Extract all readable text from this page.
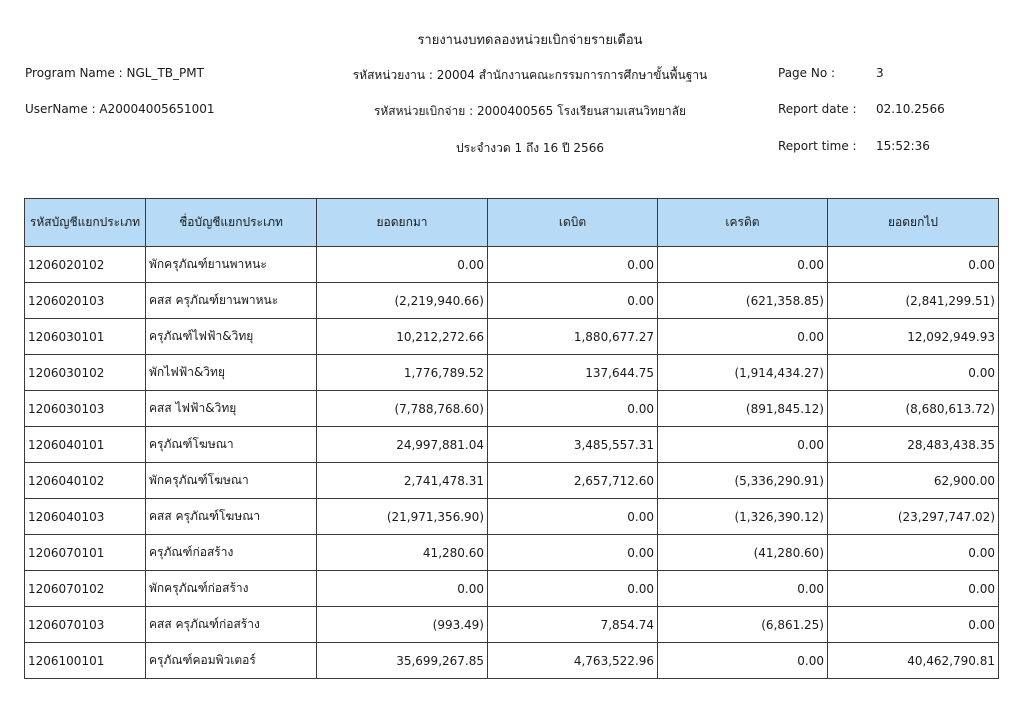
รายงานงบทดลองหน่วยเบิกจ่ายรายเดือน
Program Name : NGL_TB_PMT	รหัสหน่วยงาน : 20004 สำนักงานคณะกรรมการการศึกษาขั้นพื้นฐาน	Page No :	3
UserName : A20004005651001	รหัสหน่วยเบิกจ่าย : 2000400565 โรงเรียนสามเสนวิทยาลัย	Report date : 02.10.2566
ประจำงวด 1 ถึง 16 ปี 2566	Report time : 15:52:36
รหัสบัญชีแยกประเภท	ชื่อบัญชีแยกประเภท	ยอดยกมา	เดบิต	เครดิต	ยอดยกไป
1206020102	พักครุภัณฑ์ยานพาหนะ	0.00	0.00	0.00	0.00
1206020103	คสส ครุภัณฑ์ยานพาหนะ	(2,219,940.66)	0.00	(621,358.85)	(2,841,299.51)
1206030101	ครุภัณฑ์ไฟฟ้า&วิทยุ	10,212,272.66	1,880,677.27	0.00	12,092,949.93
1206030102	พักไฟฟ้า&วิทยุ	1,776,789.52	137,644.75	(1,914,434.27)	0.00
1206030103	คสส ไฟฟ้า&วิทยุ	(7,788,768.60)	0.00	(891,845.12)	(8,680,613.72)
1206040101	ครุภัณฑ์โฆษณา	24,997,881.04	3,485,557.31	0.00	28,483,438.35
1206040102	พักครุภัณฑ์โฆษณา	2,741,478.31	2,657,712.60	(5,336,290.91)	62,900.00
1206040103	คสส ครุภัณฑ์โฆษณา	(21,971,356.90)	0.00	(1,326,390.12)	(23,297,747.02)
1206070101	ครุภัณฑ์ก่อสร้าง	41,280.60	0.00	(41,280.60)	0.00
1206070102	พักครุภัณฑ์ก่อสร้าง	0.00	0.00	0.00	0.00
1206070103	คสส ครุภัณฑ์ก่อสร้าง	(993.49)	7,854.74	(6,861.25)	0.00
1206100101	ครุภัณฑ์คอมพิวเตอร์	35,699,267.85	4,763,522.96	0.00	40,462,790.81
